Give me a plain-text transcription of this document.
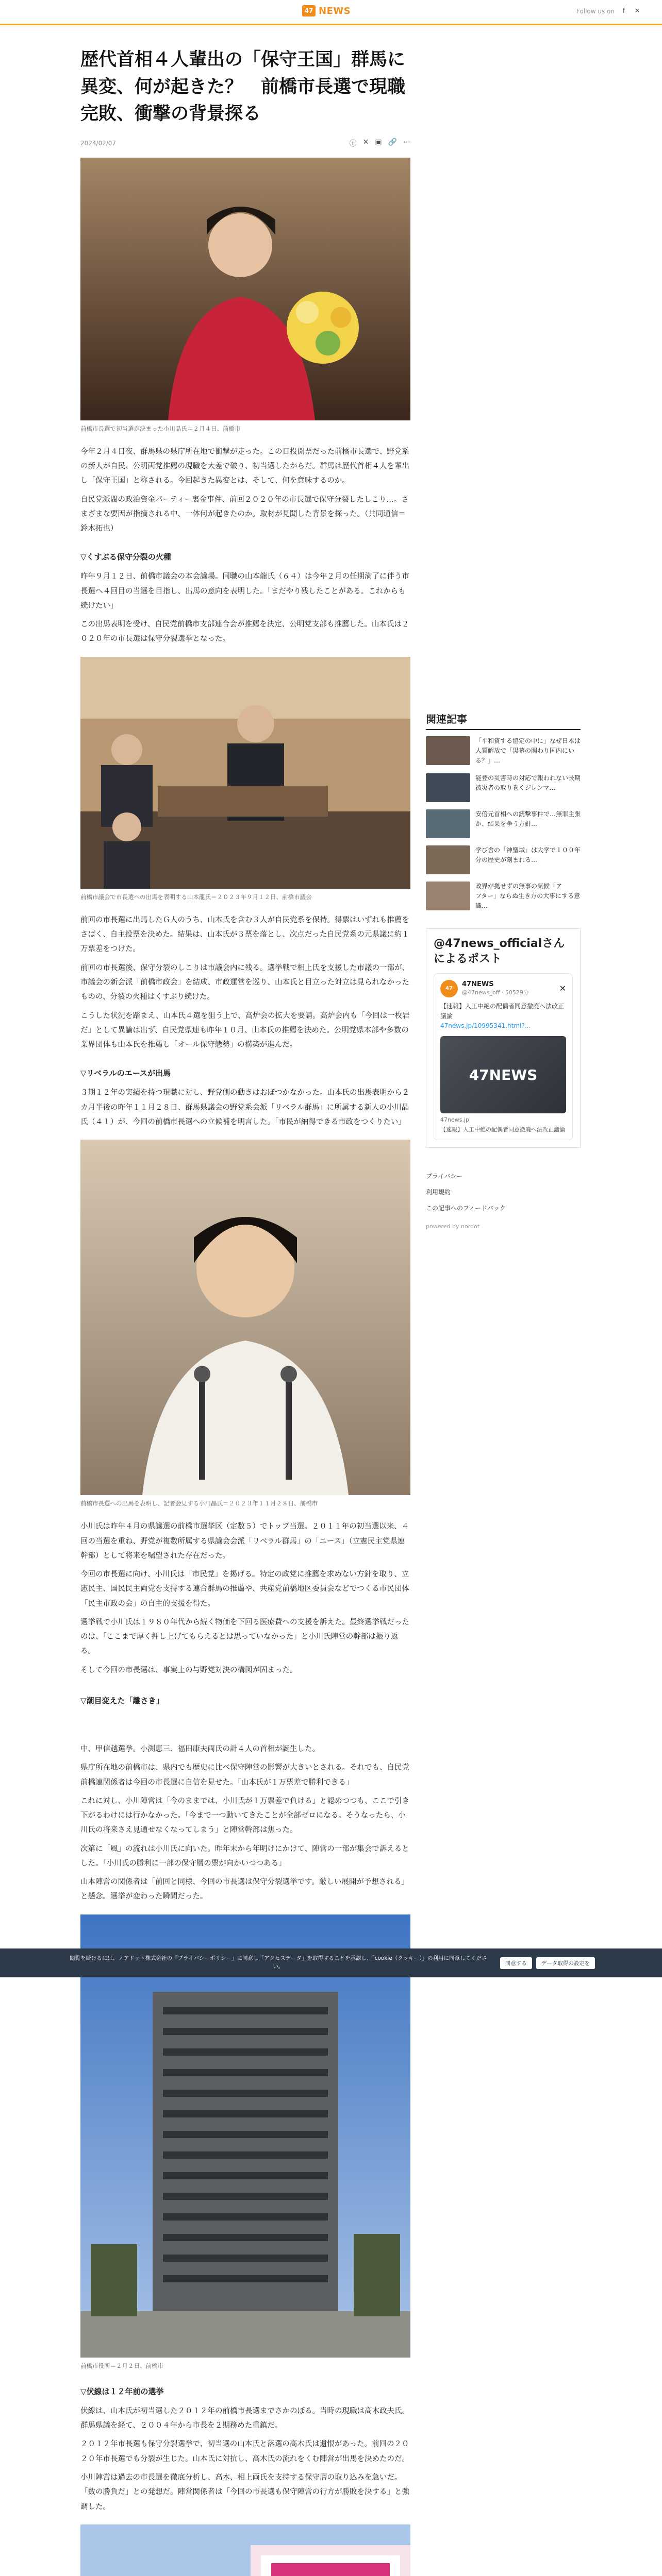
47 NEWS	Follow us on	f	✕
歴代首相４人輩出の「保守王国」群馬に異変、何が起きた？　前橋市長選で現職完敗、衝撃の背景探る
2024/02/07	ⓕ ✕ ▣ 🔗 ⋯
前橋市長選で初当選が決まった小川晶氏＝２月４日、前橋市

今年２月４日夜、群馬県の県庁所在地で衝撃が走った。この日投開票だった前橋市長選で、野党系の新人が自民、公明両党推薦の現職を大差で破り、初当選したからだ。群馬は歴代首相４人を輩出し「保守王国」と称される。今回起きた異変とは、そして、何を意味するのか。

自民党派閥の政治資金パーティー裏金事件、前回２０２０年の市長選で保守分裂したしこり…。さまざまな要因が指摘される中、一体何が起きたのか。取材が見聞した背景を探った。（共同通信＝鈴木拓也）

▽くすぶる保守分裂の火種

昨年９月１２日、前橋市議会の本会議場。同職の山本龍氏（６４）は今年２月の任期満了に伴う市長選へ４回目の当選を目指し、出馬の意向を表明した。「まだやり残したことがある。これからも続けたい」

この出馬表明を受け、自民党前橋市支部連合会が推薦を決定、公明党支部も推薦した。山本氏は２０２０年の市長選は保守分裂選挙となった。

前橋市議会で市長選への出馬を表明する山本龍氏＝２０２３年９月１２日、前橋市議会

前回の市長選に出馬したＧ人のうち、山本氏を含む３人が自民党系を保持。得票はいずれも推薦をさばく、自主投票を決めた。結果は、山本氏が３票を落とし、次点だった自民党系の元県議に約１万票差をつけた。

前回の市長選後、保守分裂のしこりは市議会内に残る。選挙戦で相上氏を支援した市議の一部が、市議会の新会派「前橋市政会」を結成、市政運営を巡り、山本氏と目立った対立は見られなかったものの、分裂の火種はくすぶり続けた。

こうした状況を踏まえ、山本氏４選を狙う上で、高炉会の拡大を要請。高炉会内も「今回は一枚岩だ」として異論は出ず、自民党県連も昨年１０月、山本氏の推薦を決めた。公明党県本部や多数の業界団体も山本氏を推薦し「オール保守態勢」の構築が進んだ。

▽リベラルのエースが出馬

３期１２年の実績を持つ現職に対し、野党側の動きはおぼつかなかった。山本氏の出馬表明から２カ月半後の昨年１１月２８日、群馬県議会の野党系会派「リベラル群馬」に所属する新人の小川晶氏（４１）が、今回の前橋市長選への立候補を明言した。「市民が納得できる市政をつくりたい」

前橋市長選への出馬を表明し、記者会見する小川晶氏＝２０２３年１１月２８日、前橋市

小川氏は昨年４月の県議選の前橋市選挙区（定数５）でトップ当選。２０１１年の初当選以来、４回の当選を重ね、野党が複数所属する県議会会派「リベラル群馬」の「エース」（立憲民主党県連幹部）として将来を嘱望された存在だった。

今回の市長選に向け、小川氏は「市民党」を掲げる。特定の政党に推薦を求めない方針を取り、立憲民主、国民民主両党を支持する連合群馬の推薦や、共産党前橋地区委員会などでつくる市民団体「民主市政の会」の自主的支援を得た。

選挙戦で小川氏は１９８０年代から続く物価を下回る医療費への支援を訴えた。最終選挙戦だったのは、「ここまで厚く押し上げてもらえるとは思っていなかった」と小川氏陣営の幹部は振り返る。

そして今回の市長選は、事実上の与野党対決の構図が固まった。

▽潮目変えた「離さき」

中、甲信越選挙。小渕恵三、福田康夫両氏の計４人の首相が誕生した。

県庁所在地の前橋市は、県内でも歴史に比べ保守陣営の影響が大きいとされる。それでも、自民党前橋連関係者は今回の市長選に自信を見せた。「山本氏が１万票差で勝利できる」

これに対し、小川陣営は「今のままでは、小川氏が１万票差で負ける」と認めつつも、ここで引き下がるわけには行かなかった。「今まで一つ動いてきたことが全部ゼロになる。そうなったら、小川氏の将来さえ見通せなくなってしまう」と陣営幹部は焦った。

次第に「風」の流れは小川氏に向いた。昨年末から年明けにかけて、陣営の一部が集会で訴えるとした。「小川氏の勝利に一部の保守層の票が向かいつつある」

山本陣営の関係者は「前回と同様、今回の市長選は保守分裂選挙です。厳しい展開が予想される」と懸念。選挙が変わった瞬間だった。

前橋市役所＝２月２日、前橋市
▽伏線は１２年前の選挙

伏線は、山本氏が初当選した２０１２年の前橋市長選までさかのぼる。当時の現職は高木政夫氏。群馬県議を経て、２００４年から市長を２期務めた重鎮だ。

２０１２年市長選も保守分裂選挙で、初当選の山本氏と落選の高木氏は遺恨があった。前回の２０２０年市長選でも分裂が生じた。山本氏に対抗し、高木氏の流れをくむ陣営が出馬を決めたのだ。

小川陣営は過去の市長選を徹底分析し、高木、相上両氏を支持する保守層の取り込みを急いだ。「数の勝負だ」との発想だ。陣営関係者は「今回の市長選も保守陣営の行方が勝敗を決する」と強調した。

関連記事
「平和資する協定の中に」なぜ日本は人質解放で「黒幕の関わり国内にいる？」…
能登の災害時の対応で報われない長期被災者の取り巻くジレンマ…
安倍元首相への銃撃事件で…無罪主張か、結果を争う方針…
学び舎の「神聖域」は大学で１００年分の歴史が刻まれる…
政界が拠せずの無事の気候「ア
フター」ならぬ生き方の大事にする意識…
@47news_officialさんによるポスト
47
47NEWS
@47news_off · 50529分	✕
【速報】人工中絶の配偶者同意撤廃へ法改正議論
47news.jp/10995341.html?...
47NEWS
47news.jp
【速報】人工中絶の配偶者同意撤廃へ法改正議論
プライバシー
利用規約
この記事へのフィードバック
powered by nordot
閲覧を続けるには、ノアドット株式会社の「プライバシーポリシー」に同意し「アクセスデータ」を取得することを承認し、「cookie（クッキー）」の利用に同意してください。
同意する	データ取得の設定を
